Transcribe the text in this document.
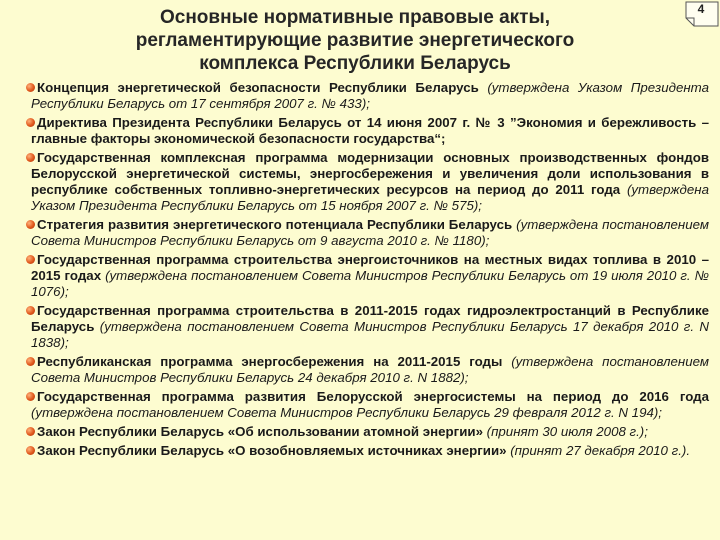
Основные нормативные правовые акты,
регламентирующие развитие энергетического
комплекса Республики Беларусь
4
Концепция энергетической безопасности Республики Беларусь (утверждена Указом Президента Республики Беларусь от 17 сентября 2007 г. № 433);
Директива Президента Республики Беларусь от 14 июня 2007 г. № 3 ”Экономия и бережливость – главные факторы экономической безопасности государства“;
Государственная комплексная программа модернизации основных производственных фондов Белорусской энергетической системы, энергосбережения и увеличения доли использования в республике собственных топливно-энергетических ресурсов на период до 2011 года (утверждена Указом Президента Республики Беларусь от 15 ноября 2007 г. № 575);
Стратегия развития энергетического потенциала Республики Беларусь (утверждена постановлением Совета Министров Республики Беларусь от 9 августа 2010 г. № 1180);
Государственная программа строительства энергоисточников на местных видах топлива в 2010 – 2015 годах (утверждена постановлением Совета Министров Республики Беларусь от 19 июля 2010 г. № 1076);
Государственная программа строительства в 2011-2015 годах гидроэлектростанций в Республике Беларусь (утверждена постановлением Совета Министров Республики Беларусь 17 декабря 2010 г. N 1838);
Республиканская программа энергосбережения на 2011-2015 годы (утверждена постановлением Совета Министров Республики Беларусь 24 декабря 2010 г. N 1882);
Государственная программа развития Белорусской энергосистемы на период до 2016 года (утверждена постановлением Совета Министров Республики Беларусь 29 февраля 2012 г. N 194);
Закон Республики Беларусь «Об использовании атомной энергии» (принят 30 июля 2008 г.);
Закон Республики Беларусь «О возобновляемых источниках энергии» (принят 27 декабря 2010 г.).
